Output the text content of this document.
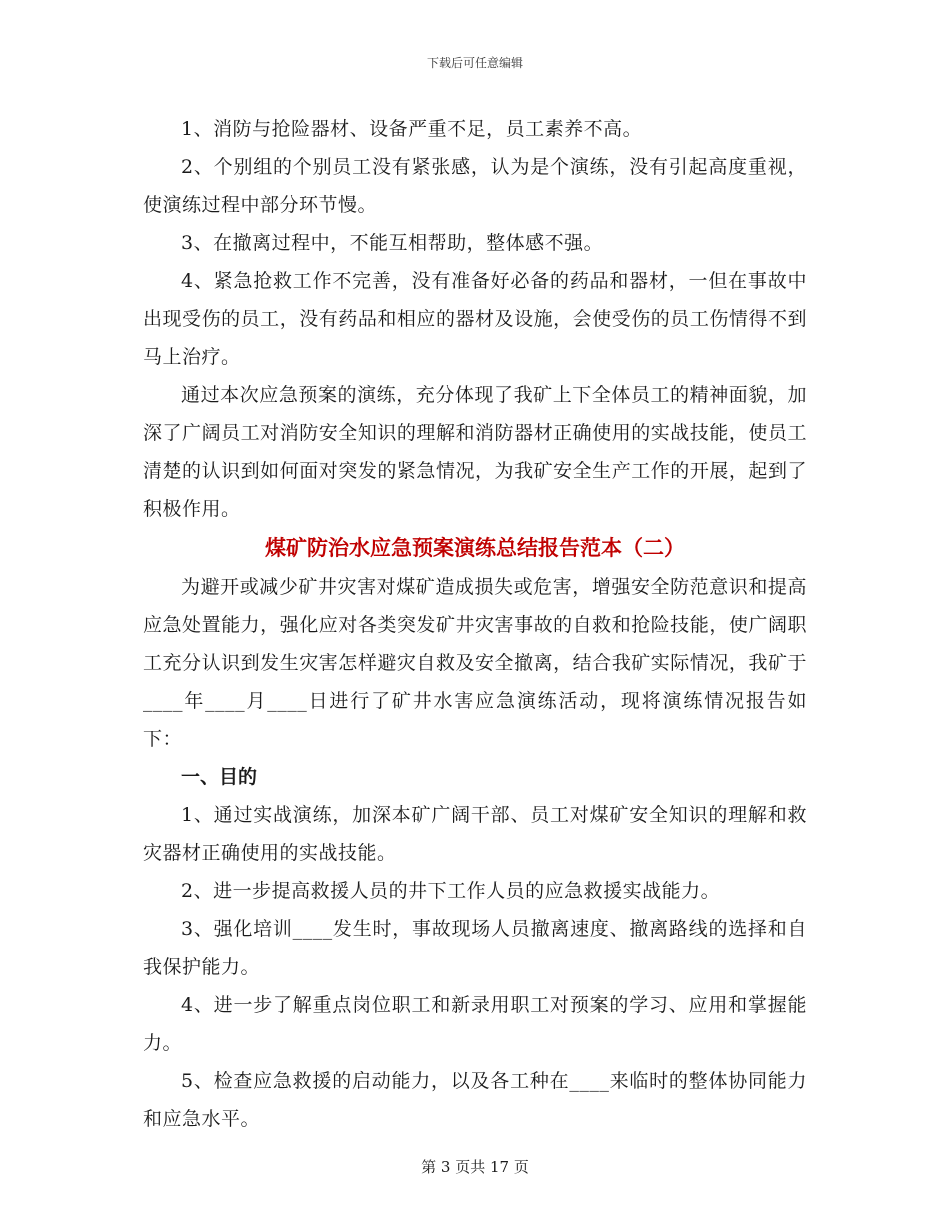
下载后可任意编辑

1、消防与抢险器材、设备严重不足，员工素养不高。

2、个别组的个别员工没有紧张感，认为是个演练，没有引起高度重视，使演练过程中部分环节慢。

3、在撤离过程中，不能互相帮助，整体感不强。

4、紧急抢救工作不完善，没有准备好必备的药品和器材，一但在事故中出现受伤的员工，没有药品和相应的器材及设施，会使受伤的员工伤情得不到马上治疗。

通过本次应急预案的演练，充分体现了我矿上下全体员工的精神面貌，加深了广阔员工对消防安全知识的理解和消防器材正确使用的实战技能，使员工清楚的认识到如何面对突发的紧急情况，为我矿安全生产工作的开展，起到了积极作用。

煤矿防治水应急预案演练总结报告范本（二）

为避开或减少矿井灾害对煤矿造成损失或危害，增强安全防范意识和提高应急处置能力，强化应对各类突发矿井灾害事故的自救和抢险技能，使广阔职工充分认识到发生灾害怎样避灾自救及安全撤离，结合我矿实际情况，我矿于____年____月____日进行了矿井水害应急演练活动，现将演练情况报告如下：

一、目的

1、通过实战演练，加深本矿广阔干部、员工对煤矿安全知识的理解和救灾器材正确使用的实战技能。

2、进一步提高救援人员的井下工作人员的应急救援实战能力。

3、强化培训____发生时，事故现场人员撤离速度、撤离路线的选择和自我保护能力。

4、进一步了解重点岗位职工和新录用职工对预案的学习、应用和掌握能力。

5、检查应急救援的启动能力，以及各工种在____来临时的整体协同能力和应急水平。

第 3 页共 17 页
